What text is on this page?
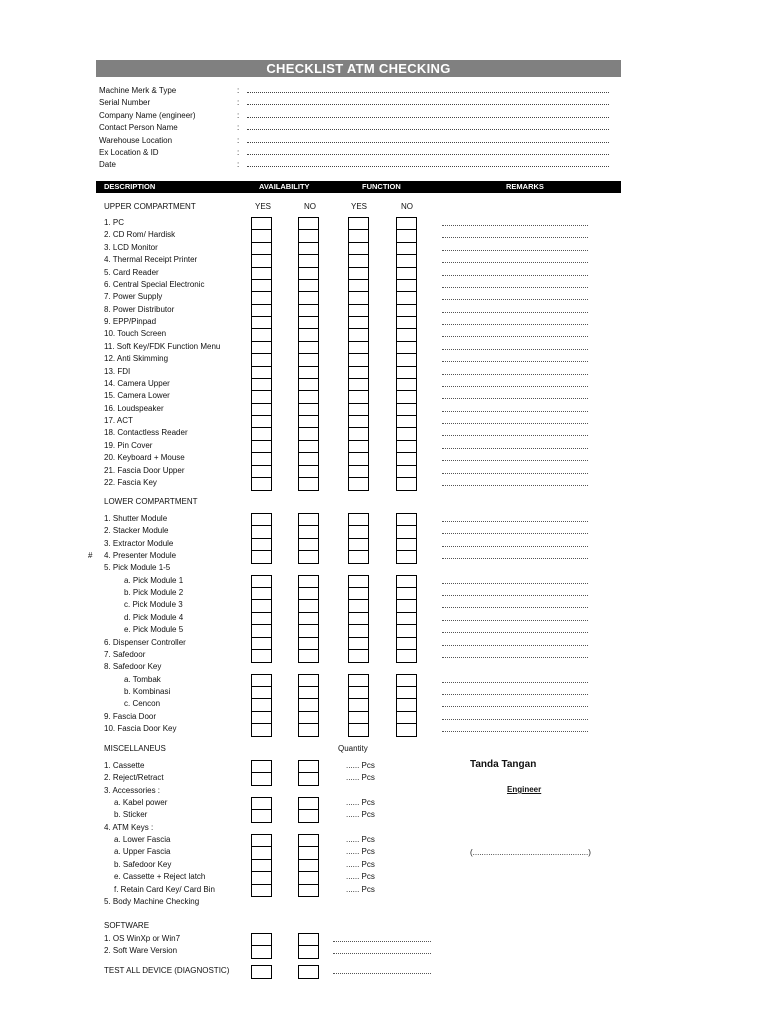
CHECKLIST ATM CHECKING
Machine Merk & Type	:
Serial Number	:
Company Name (engineer)	:
Contact Person Name	:
Warehouse Location	:
Ex Location & ID	:
Date	:
DESCRIPTION	AVAILABILITY	FUNCTION	REMARKS
UPPER COMPARTMENT	YES	NO	YES	NO
1. PC
2. CD Rom/ Hardisk
3. LCD Monitor
4. Thermal Receipt Printer
5. Card Reader
6. Central Special Electronic
7. Power Supply
8. Power Distributor
9. EPP/Pinpad
10. Touch Screen
11. Soft Key/FDK Function Menu
12. Anti Skimming
13. FDI
14. Camera Upper
15. Camera Lower
16. Loudspeaker
17. ACT
18. Contactless Reader
19. Pin Cover
20. Keyboard + Mouse
21. Fascia Door Upper
22. Fascia Key
LOWER COMPARTMENT
#
1. Shutter Module
2. Stacker Module
3. Extractor Module
4. Presenter Module
5. Pick Module 1-5
a. Pick Module 1
b. Pick Module 2
c. Pick Module 3
d. Pick Module 4
e. Pick Module 5
6. Dispenser Controller
7. Safedoor
8. Safedoor Key
a. Tombak
b. Kombinasi
c. Cencon
9. Fascia Door
10. Fascia Door Key
MISCELLANEUS	Quantity
1. Cassette	...... Pcs
2. Reject/Retract	...... Pcs
3. Accessories :
a. Kabel power	...... Pcs
b. Sticker	...... Pcs
4. ATM Keys :
a. Lower Fascia	...... Pcs
a. Upper Fascia	...... Pcs
b. Safedoor Key	...... Pcs
e. Cassette + Reject latch	...... Pcs
f. Retain Card Key/ Card Bin	...... Pcs
5. Body Machine Checking
Tanda Tangan
Engineer
(....................................................)
SOFTWARE
1. OS WinXp or Win7
2. Soft Ware Version
TEST ALL DEVICE (DIAGNOSTIC)
